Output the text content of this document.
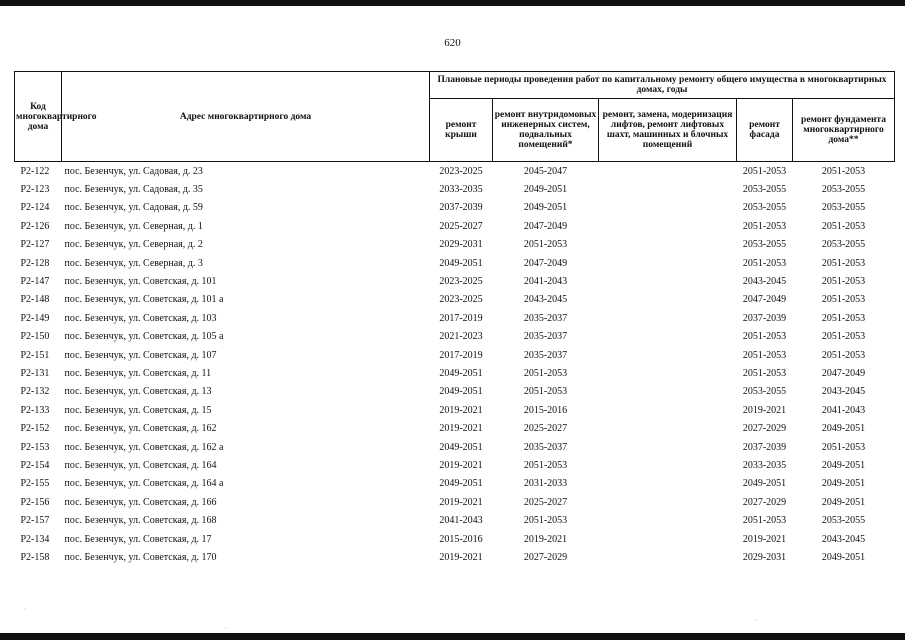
620
Код многоквартирного дома	Адрес многоквартирного дома	Плановые периоды проведения работ по капитальному ремонту общего имущества в многоквартирных домах, годы				
		ремонт крыши	ремонт внутридомовых инженерных систем, подвальных помещений*	ремонт, замена, модернизация лифтов, ремонт лифтовых шахт, машинных и блочных помещений	ремонт фасада	ремонт фундамента многоквартирного дома**
P2-122	пос. Безенчук, ул. Садовая, д. 23	2023-2025	2045-2047		2051-2053	2051-2053
P2-123	пос. Безенчук, ул. Садовая, д. 35	2033-2035	2049-2051		2053-2055	2053-2055
P2-124	пос. Безенчук, ул. Садовая, д. 59	2037-2039	2049-2051		2053-2055	2053-2055
P2-126	пос. Безенчук, ул. Северная, д. 1	2025-2027	2047-2049		2051-2053	2051-2053
P2-127	пос. Безенчук, ул. Северная, д. 2	2029-2031	2051-2053		2053-2055	2053-2055
P2-128	пос. Безенчук, ул. Северная, д. 3	2049-2051	2047-2049		2051-2053	2051-2053
P2-147	пос. Безенчук, ул. Советская, д. 101	2023-2025	2041-2043		2043-2045	2051-2053
P2-148	пос. Безенчук, ул. Советская, д. 101 а	2023-2025	2043-2045		2047-2049	2051-2053
P2-149	пос. Безенчук, ул. Советская, д. 103	2017-2019	2035-2037		2037-2039	2051-2053
P2-150	пос. Безенчук, ул. Советская, д. 105 а	2021-2023	2035-2037		2051-2053	2051-2053
P2-151	пос. Безенчук, ул. Советская, д. 107	2017-2019	2035-2037		2051-2053	2051-2053
P2-131	пос. Безенчук, ул. Советская, д. 11	2049-2051	2051-2053		2051-2053	2047-2049
P2-132	пос. Безенчук, ул. Советская, д. 13	2049-2051	2051-2053		2053-2055	2043-2045
P2-133	пос. Безенчук, ул. Советская, д. 15	2019-2021	2015-2016		2019-2021	2041-2043
P2-152	пос. Безенчук, ул. Советская, д. 162	2019-2021	2025-2027		2027-2029	2049-2051
P2-153	пос. Безенчук, ул. Советская, д. 162 а	2049-2051	2035-2037		2037-2039	2051-2053
P2-154	пос. Безенчук, ул. Советская, д. 164	2019-2021	2051-2053		2033-2035	2049-2051
P2-155	пос. Безенчук, ул. Советская, д. 164 а	2049-2051	2031-2033		2049-2051	2049-2051
P2-156	пос. Безенчук, ул. Советская, д. 166	2019-2021	2025-2027		2027-2029	2049-2051
P2-157	пос. Безенчук, ул. Советская, д. 168	2041-2043	2051-2053		2051-2053	2053-2055
P2-134	пос. Безенчук, ул. Советская, д. 17	2015-2016	2019-2021		2019-2021	2043-2045
P2-158	пос. Безенчук, ул. Советская, д. 170	2019-2021	2027-2029		2029-2031	2049-2051
·
·
·
